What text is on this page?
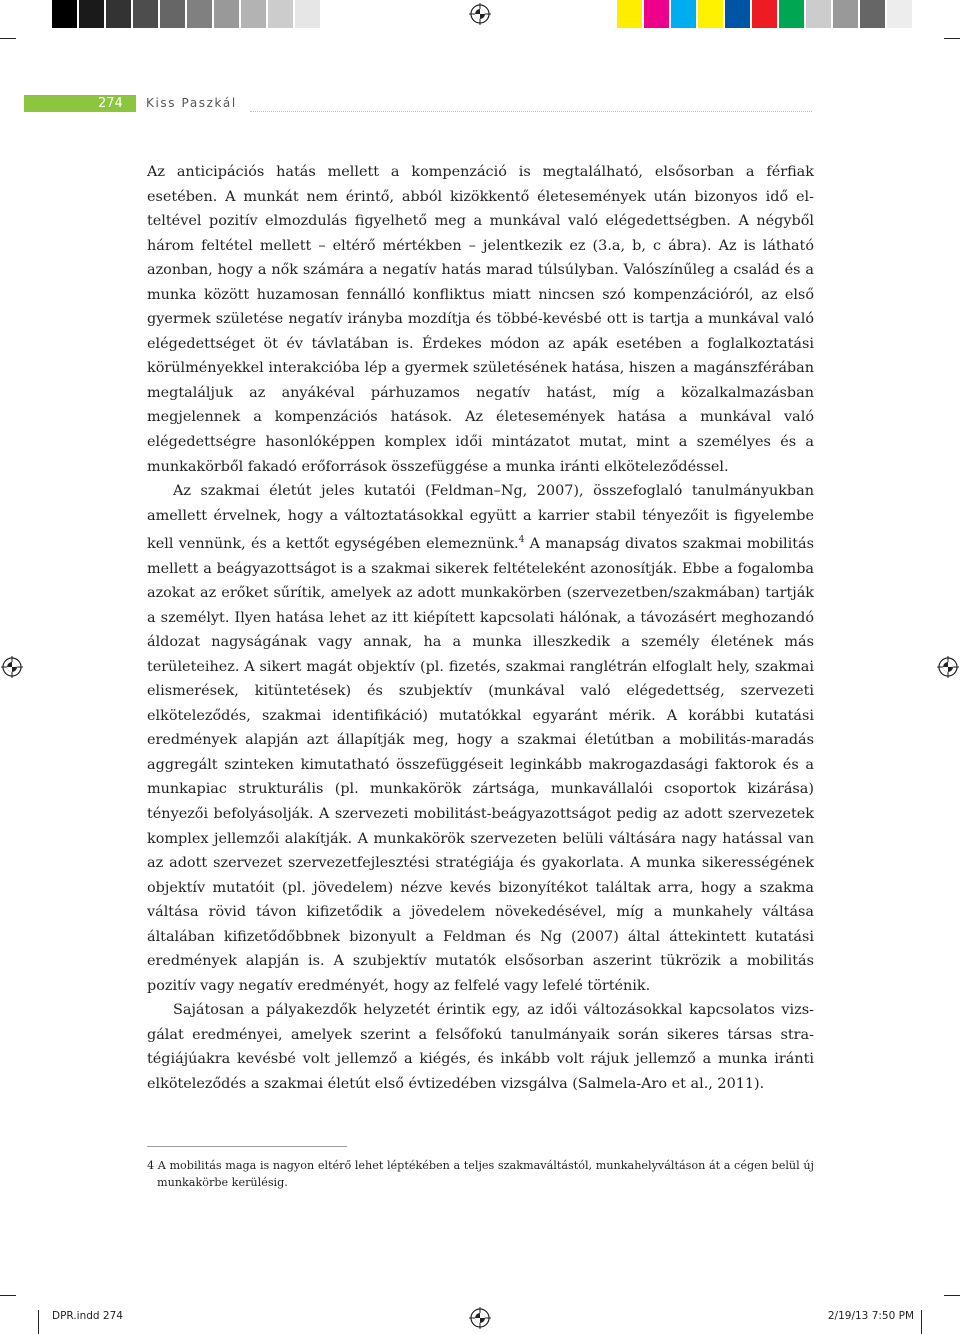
274 Kiss Paszkál

Az anticipációs hatás mellett a kompenzáció is megtalálható, elsősorban a férfiak esetében. A munkát nem érintő, abból kizökkentő életesemények után bizonyos idő elteltével pozitív elmozdulás figyelhető meg a munkával való elégedettségben. A négyből három feltétel mellett – eltérő mértékben – jelentkezik ez (3.a, b, c ábra). Az is látható azonban, hogy a nők számára a negatív hatás marad túlsúlyban. Valószínűleg a család és a munka között huzamosan fennálló konfliktus miatt nincsen szó kompenzációról, az első gyermek születése negatív irányba mozdítja és többé-kevésbé ott is tartja a munkával való elégedettséget öt év távlatában is. Érdekes módon az apák esetében a foglalkoztatási körülményekkel interakcióba lép a gyermek születésének hatása, hiszen a magánszférában megtaláljuk az anyákéval párhuzamos negatív hatást, míg a közalkalmazásban megjelennek a kompenzációs hatások. Az életesemények hatása a munkával való elégedettségre hasonlóképpen komplex idői mintázatot mutat, mint a személyes és a munkakörből fakadó erőforrások összefüggése a munka iránti elköteleződéssel.

Az szakmai életút jeles kutatói (Feldman–Ng, 2007), összefoglaló tanulmányukban amellett érvelnek, hogy a változtatásokkal együtt a karrier stabil tényezőit is figyelembe kell vennünk, és a kettőt egységében elemeznünk.$^4$ A manapság divatos szakmai mobilitás mellett a beágyazottságot is a szakmai sikerek feltételeként azonosítják. Ebbe a fogalomba azokat az erőket sűrítik, amelyek az adott munkakörben (szervezetben/szakmában) tartják a személyt. Ilyen hatása lehet az itt kiépített kapcsolati hálónak, a távozásért meghozandó áldozat nagyságának vagy annak, ha a munka illeszkedik a személy életének más területeihez. A sikert magát objektív (pl. fizetés, szakmai ranglétrán elfoglalt hely, szakmai elismerések, kitüntetések) és szubjektív (munkával való elégedettség, szervezeti elköteleződés, szakmai identifikáció) mutatókkal egyaránt mérik. A korábbi kutatási eredmények alapján azt állapítják meg, hogy a szakmai életútban a mobilitás-maradás aggregált szinteken kimutatható összefüggéseit leginkább makrogazdasági faktorok és a munkapiac strukturális (pl. munkakörök zártsága, munkavállalói csoportok kizárása) tényezői befolyásolják. A szervezeti mobilitást-beágyazottságot pedig az adott szervezetek komplex jellemzői alakítják. A munkakörök szervezeten belüli váltására nagy hatással van az adott szervezet szervezetfejlesztési stratégiája és gyakorlata. A munka sikerességének objektív mutatóit (pl. jövedelem) nézve kevés bizonyítékot találtak arra, hogy a szakma váltása rövid távon kifizetődik a jövedelem növekedésével, míg a munkahely váltása általában kifizetődőbbnek bizonyult a Feldman és Ng (2007) által áttekintett kutatási eredmények alapján is. A szubjektív mutatók elsősorban aszerint tükrözik a mobilitás pozitív vagy negatív eredményét, hogy az felfelé vagy lefelé történik.

Sajátosan a pályakezdők helyzetét érintik egy, az idői változásokkal kapcsolatos vizsgálat eredményei, amelyek szerint a felsőfokú tanulmányaik során sikeres társas stratégiájúakra kevésbé volt jellemző a kiégés, és inkább volt rájuk jellemző a munka iránti elköteleződés a szakmai életút első évtizedében vizsgálva (Salmela-Aro et al., 2011).

4 A mobilitás maga is nagyon eltérő lehet léptékében a teljes szakmaváltástól, munkahelyváltáson át a cégen belül új munkakörbe kerülésig.
DPR.indd 274	2/19/13 7:50 PM
